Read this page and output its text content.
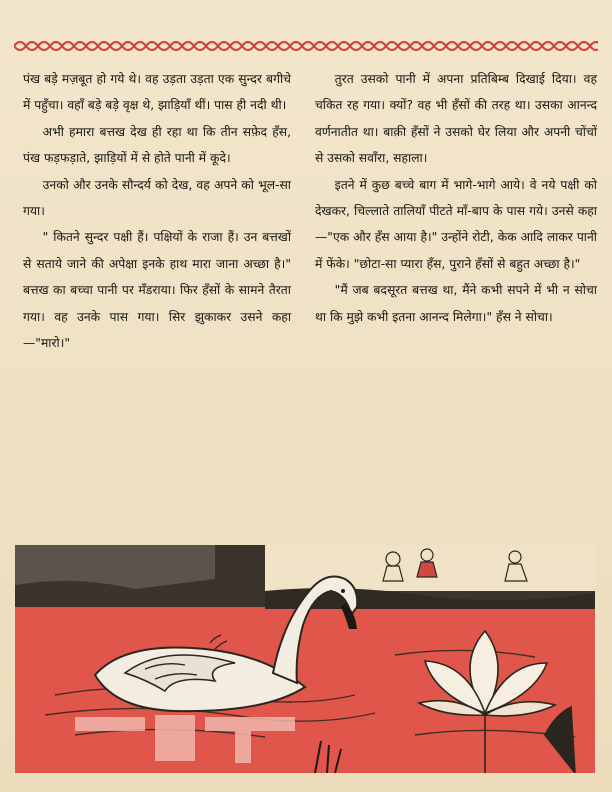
पंख बड़े मज़बूत हो गये थे। वह उड़ता उड़ता एक सुन्दर बगीचे में पहुँचा। वहाँ बड़े बड़े वृक्ष थे, झाड़ियाँ थीं। पास ही नदी थी।

अभी हमारा बत्तख देख ही रहा था कि तीन सफ़ेद हँस, पंख फड़फड़ाते, झाड़ियों में से होते पानी में कूदे।

उनको और उनके सौन्दर्य को देख, वह अपने को भूल-सा गया।

" कितने सुन्दर पक्षी हैं। पक्षियों के राजा हैं। उन बत्तखों से सताये जाने की अपेक्षा इनके हाथ मारा जाना अच्छा है।" बत्तख का बच्चा पानी पर मँडराया। फिर हँसों के सामने तैरता गया। वह उनके पास गया। सिर झुकाकर उसने कहा—"मारो।"

तुरत उसको पानी में अपना प्रतिबिम्ब दिखाई दिया। वह चकित रह गया। क्यों? वह भी हँसों की तरह था। उसका आनन्द वर्णनातीत था। बाक़ी हँसों ने उसको घेर लिया और अपनी चोंचों से उसको सवाँरा, सहाला।

इतने में कुछ बच्चे बाग में भागे-भागे आये। वे नये पक्षी को देखकर, चिल्लाते तालियाँ पीटते माँ-बाप के पास गये। उनसे कहा—"एक और हँस आया है।" उन्होंने रोटी, केक आदि लाकर पानी में फेंके। "छोटा-सा प्यारा हँस, पुराने हँसों से बहुत अच्छा है।"

"मैं जब बदसूरत बत्तख था, मैंने कभी सपने में भी न सोचा था कि मुझे कभी इतना आनन्द मिलेगा।" हँस ने सोचा।
